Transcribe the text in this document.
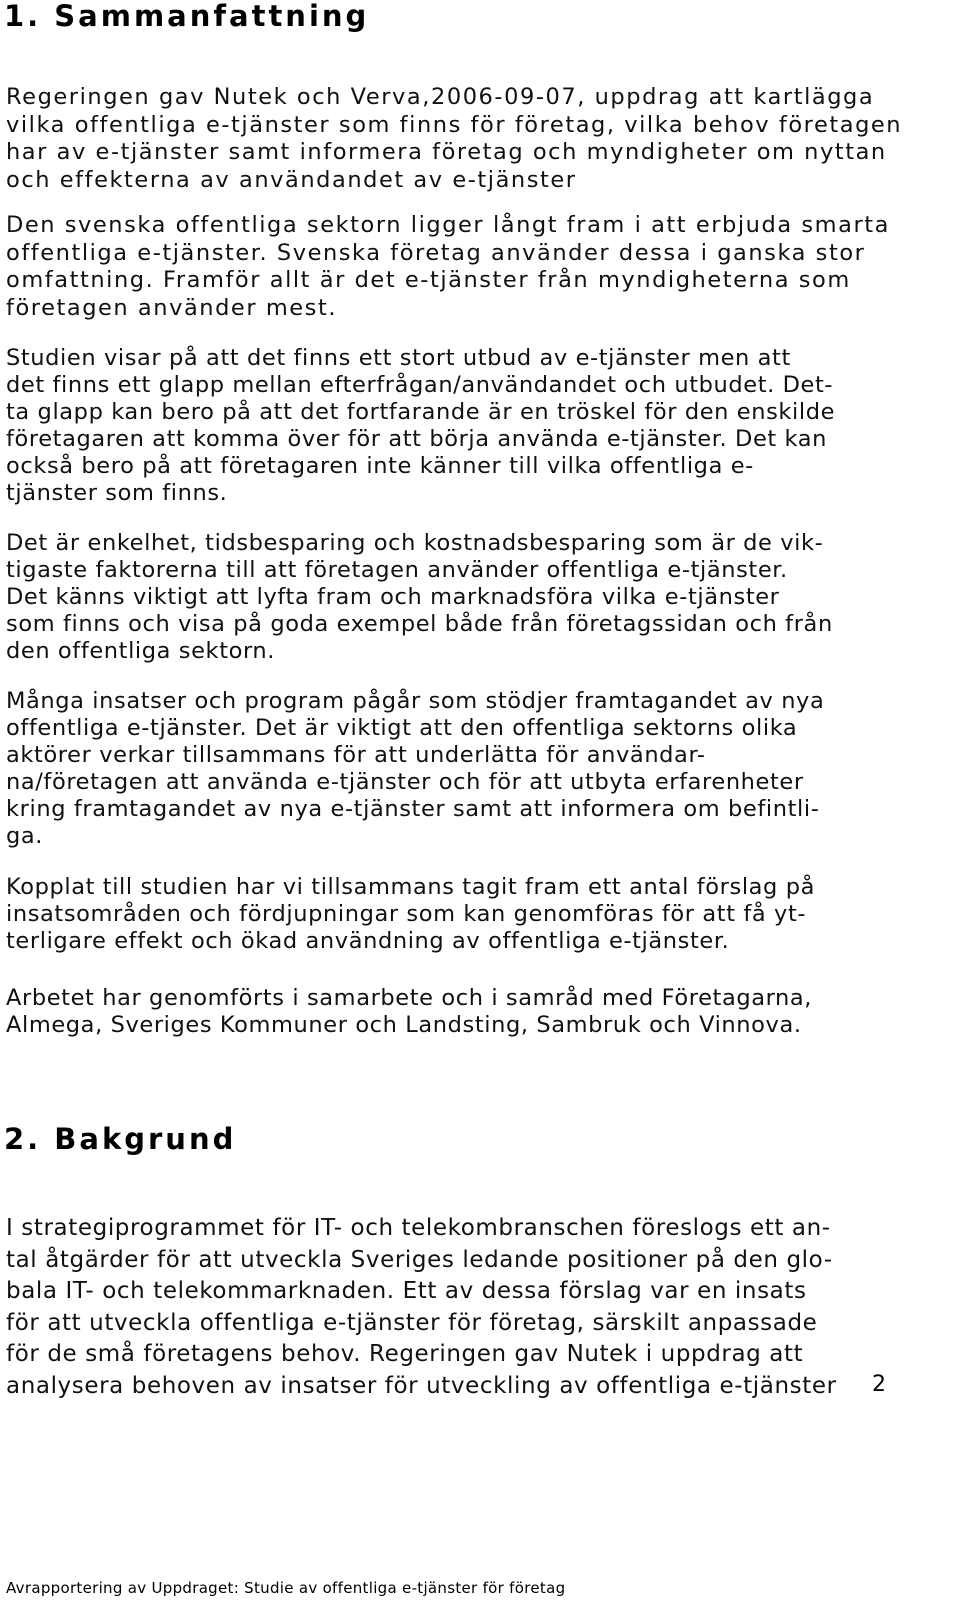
1. Sammanfattning
Regeringen gav Nutek och Verva,2006-09-07, uppdrag att kartlägga
vilka offentliga e-tjänster som finns för företag, vilka behov företagen
har av e-tjänster samt informera företag och myndigheter om nyttan
och effekterna av användandet av e-tjänster
Den svenska offentliga sektorn ligger långt fram i att erbjuda smarta
offentliga e-tjänster. Svenska företag använder dessa i ganska stor
omfattning. Framför allt är det e-tjänster från myndigheterna som
företagen använder mest.
Studien visar på att det finns ett stort utbud av e-tjänster men att
det finns ett glapp mellan efterfrågan/användandet och utbudet. Det-
ta glapp kan bero på att det fortfarande är en tröskel för den enskilde
företagaren att komma över för att börja använda e-tjänster. Det kan
också bero på att företagaren inte känner till vilka offentliga e-
tjänster som finns.
Det är enkelhet, tidsbesparing och kostnadsbesparing som är de vik-
tigaste faktorerna till att företagen använder offentliga e-tjänster.
Det känns viktigt att lyfta fram och marknadsföra vilka e-tjänster
som finns och visa på goda exempel både från företagssidan och från
den offentliga sektorn.
Många insatser och program pågår som stödjer framtagandet av nya
offentliga e-tjänster. Det är viktigt att den offentliga sektorns olika
aktörer verkar tillsammans för att underlätta för användar-
na/företagen att använda e-tjänster och för att utbyta erfarenheter
kring framtagandet av nya e-tjänster samt att informera om befintli-
ga.
Kopplat till studien har vi tillsammans tagit fram ett antal förslag på
insatsområden och fördjupningar som kan genomföras för att få yt-
terligare effekt och ökad användning av offentliga e-tjänster.
Arbetet har genomförts i samarbete och i samråd med Företagarna,
Almega, Sveriges Kommuner och Landsting, Sambruk och Vinnova.
2. Bakgrund
I strategiprogrammet för IT- och telekombranschen föreslogs ett an-
tal åtgärder för att utveckla Sveriges ledande positioner på den glo-
bala IT- och telekommarknaden. Ett av dessa förslag var en insats
för att utveckla offentliga e-tjänster för företag, särskilt anpassade
för de små företagens behov. Regeringen gav Nutek i uppdrag att
analysera behoven av insatser för utveckling av offentliga e-tjänster	2
Avrapportering av Uppdraget: Studie av offentliga e-tjänster för företag
